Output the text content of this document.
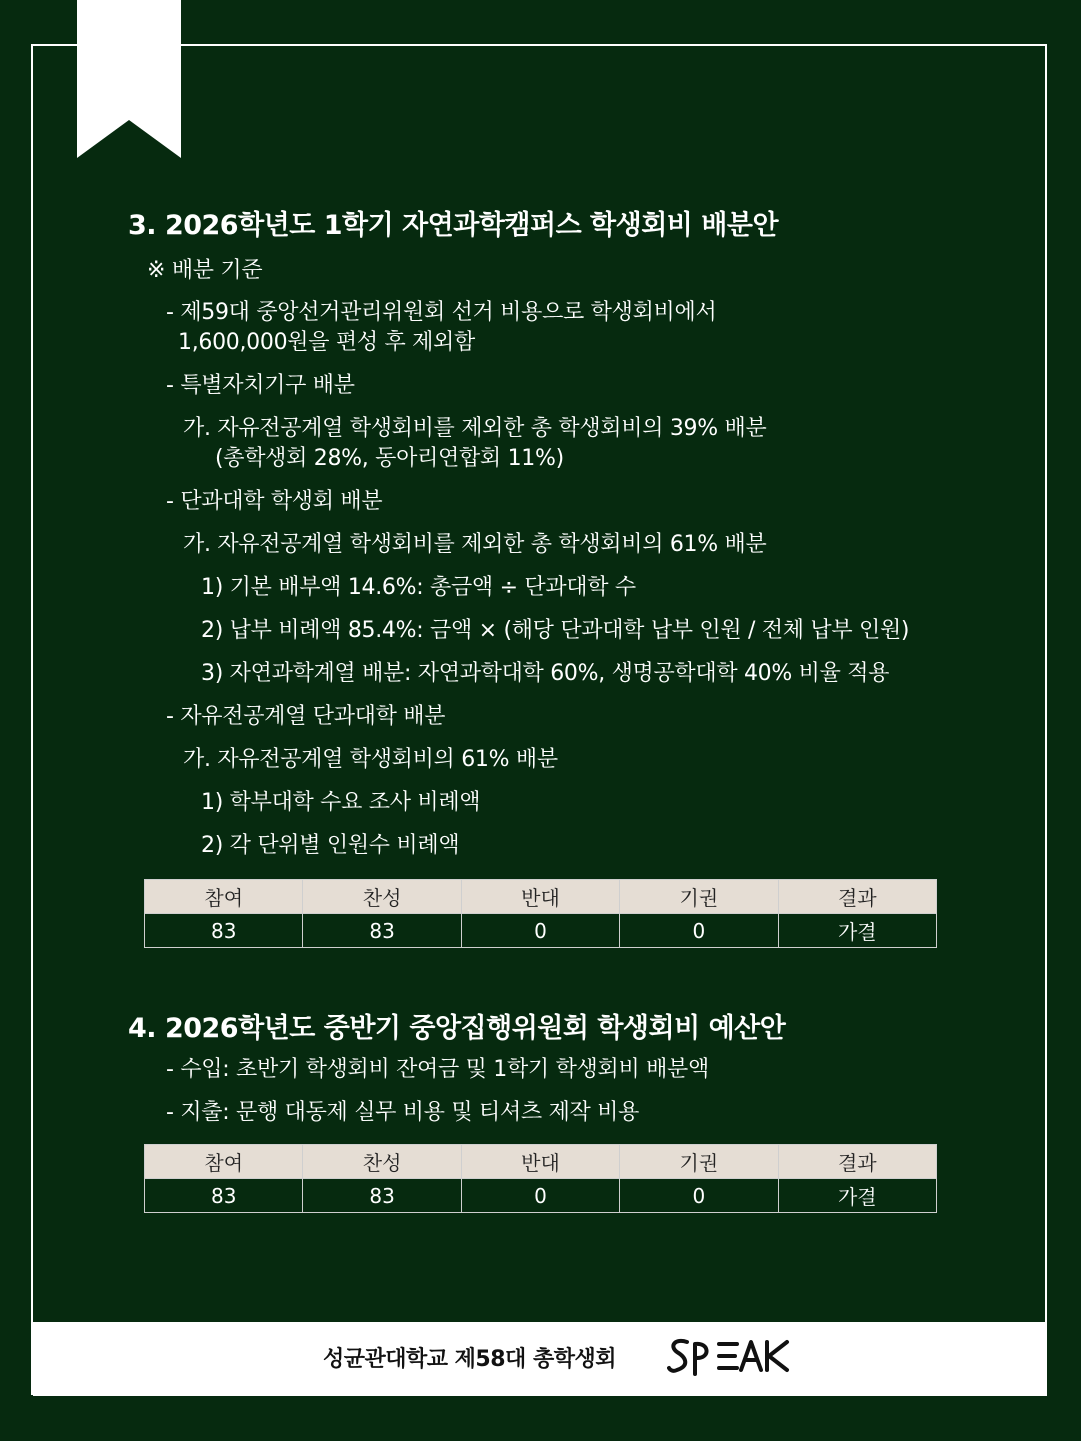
3. 2026학년도 1학기 자연과학캠퍼스 학생회비 배분안
※ 배분 기준
- 제59대 중앙선거관리위원회 선거 비용으로 학생회비에서
1,600,000원을 편성 후 제외함
- 특별자치기구 배분
가. 자유전공계열 학생회비를 제외한 총 학생회비의 39% 배분
(총학생회 28%, 동아리연합회 11%)
- 단과대학 학생회 배분
가. 자유전공계열 학생회비를 제외한 총 학생회비의 61% 배분
1) 기본 배부액 14.6%: 총금액 ÷ 단과대학 수
2) 납부 비례액 85.4%: 금액 × (해당 단과대학 납부 인원 / 전체 납부 인원)
3) 자연과학계열 배분: 자연과학대학 60%, 생명공학대학 40% 비율 적용
- 자유전공계열 단과대학 배분
가. 자유전공계열 학생회비의 61% 배분
1) 학부대학 수요 조사 비례액
2) 각 단위별 인원수 비례액
참여	찬성	반대	기권	결과
83	83	0	0	가결
4. 2026학년도 중반기 중앙집행위원회 학생회비 예산안
- 수입: 초반기 학생회비 잔여금 및 1학기 학생회비 배분액
- 지출: 문행 대동제 실무 비용 및 티셔츠 제작 비용
참여	찬성	반대	기권	결과
83	83	0	0	가결
성균관대학교 제58대 총학생회
